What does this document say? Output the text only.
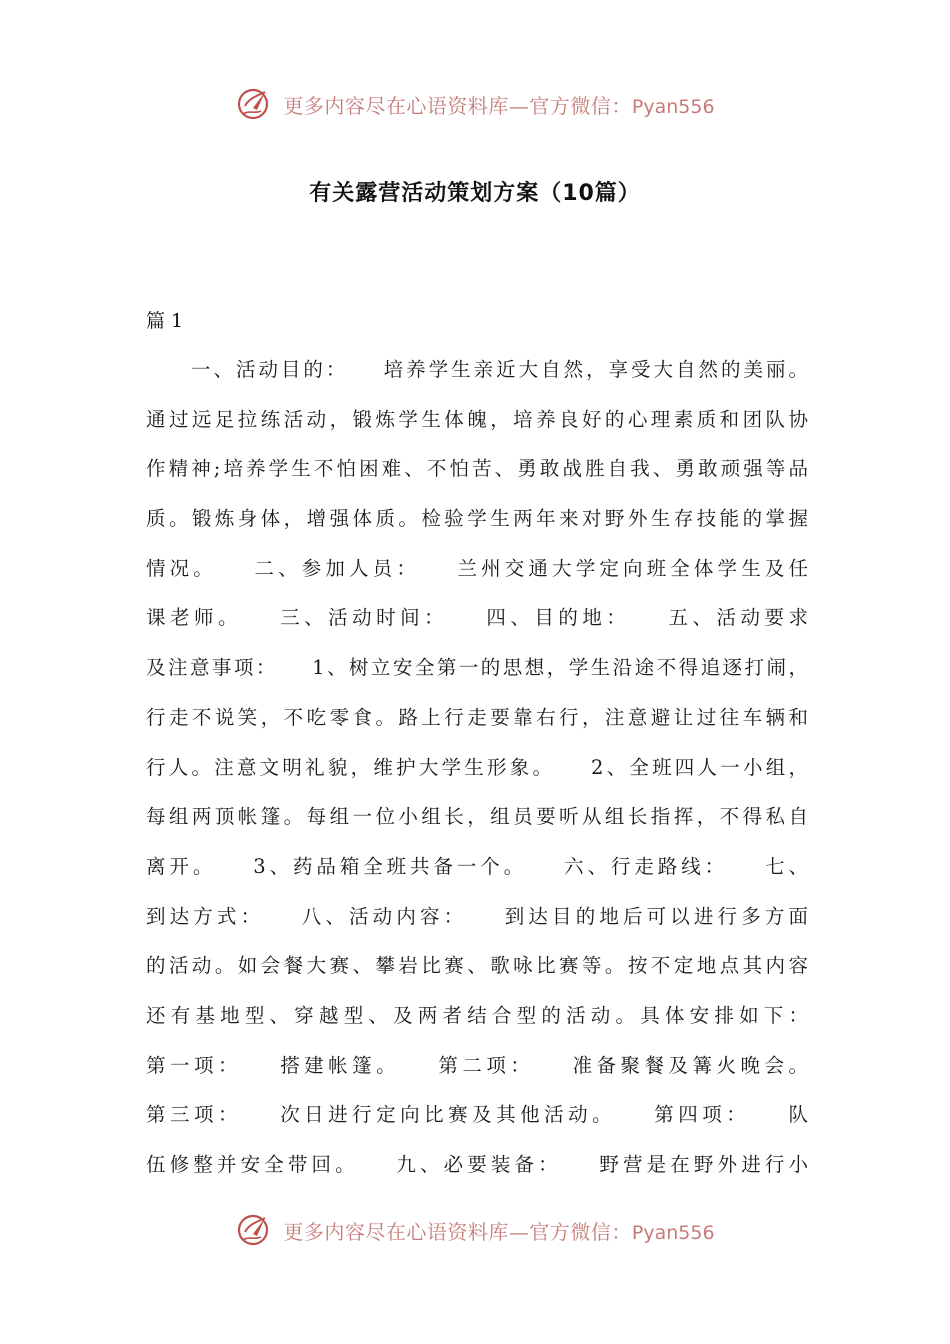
更多内容尽在心语资料库—官方微信：Pyan556
有关露营活动策划方案（10篇）
篇 1
　　一、活动目的：　　培养学生亲近大自然，享受大自然的美丽。
通过远足拉练活动，锻炼学生体魄，培养良好的心理素质和团队协
作精神;培养学生不怕困难、不怕苦、勇敢战胜自我、勇敢顽强等品
质。锻炼身体，增强体质。检验学生两年来对野外生存技能的掌握
情况。　　二、参加人员：　　兰州交通大学定向班全体学生及任
课老师。　　三、活动时间：　　四、目的地：　　五、活动要求
及注意事项：　　1、树立安全第一的思想，学生沿途不得追逐打闹，
行走不说笑，不吃零食。路上行走要靠右行，注意避让过往车辆和
行人。注意文明礼貌，维护大学生形象。　　2、全班四人一小组，
每组两顶帐篷。每组一位小组长，组员要听从组长指挥，不得私自
离开。　　3、药品箱全班共备一个。　　六、行走路线：　　七、
到达方式：　　八、活动内容：　　到达目的地后可以进行多方面
的活动。如会餐大赛、攀岩比赛、歌咏比赛等。按不定地点其内容
还有基地型、穿越型、及两者结合型的活动。具体安排如下：
第一项：　　搭建帐篷。　　第二项：　　准备聚餐及篝火晚会。
第三项：　　次日进行定向比赛及其他活动。　　第四项：　　队
伍修整并安全带回。　　九、必要装备：　　野营是在野外进行小
更多内容尽在心语资料库—官方微信：Pyan556
